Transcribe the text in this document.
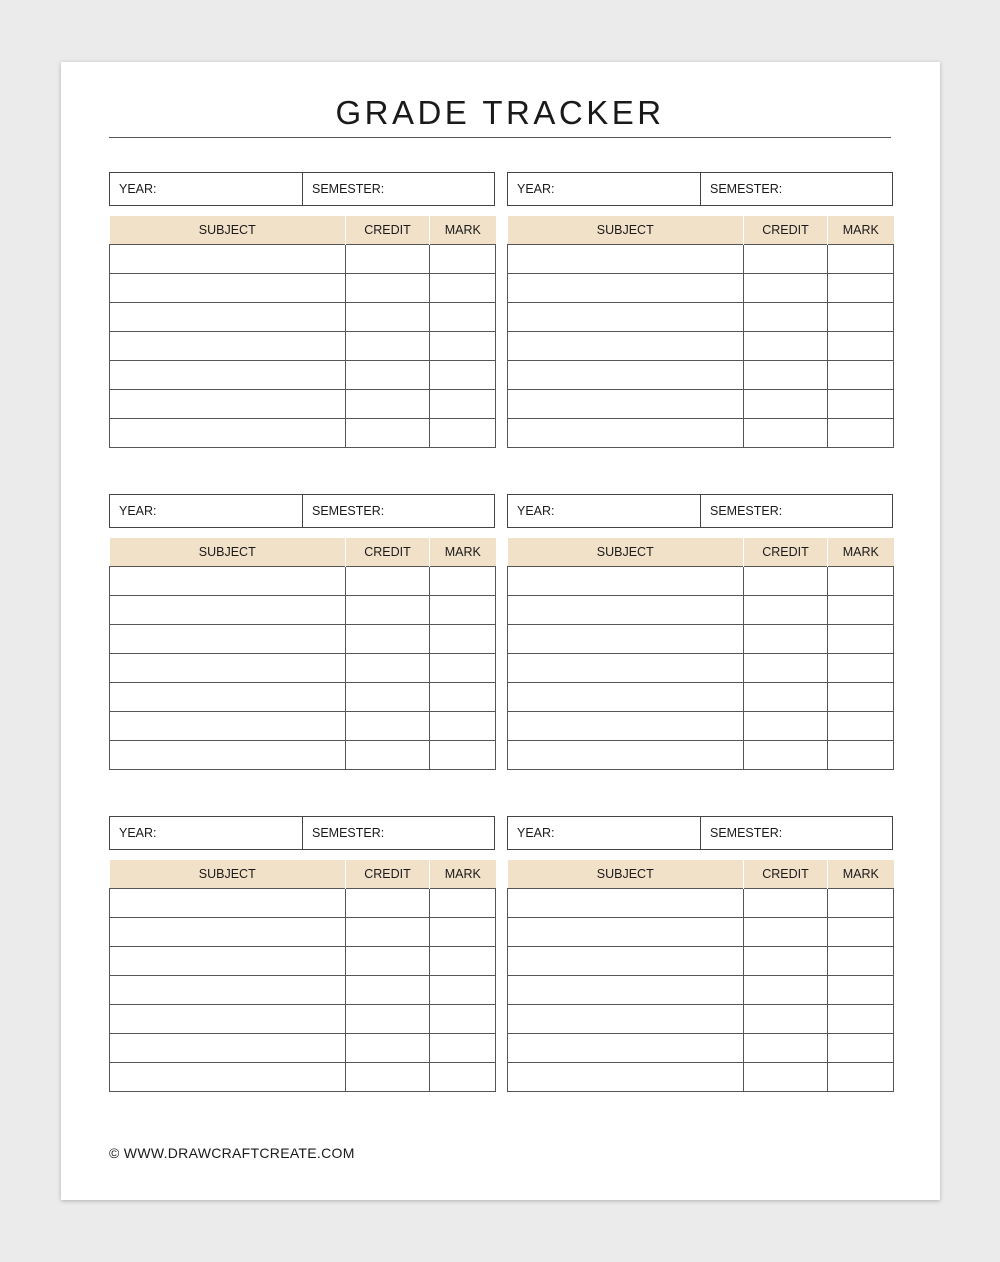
GRADE TRACKER
YEAR:	SEMESTER:
SUBJECT	CREDIT	MARK

YEAR:	SEMESTER:
SUBJECT	CREDIT	MARK

YEAR:	SEMESTER:
SUBJECT	CREDIT	MARK

YEAR:	SEMESTER:
SUBJECT	CREDIT	MARK

YEAR:	SEMESTER:
SUBJECT	CREDIT	MARK

YEAR:	SEMESTER:
SUBJECT	CREDIT	MARK

© WWW.DRAWCRAFTCREATE.COM
